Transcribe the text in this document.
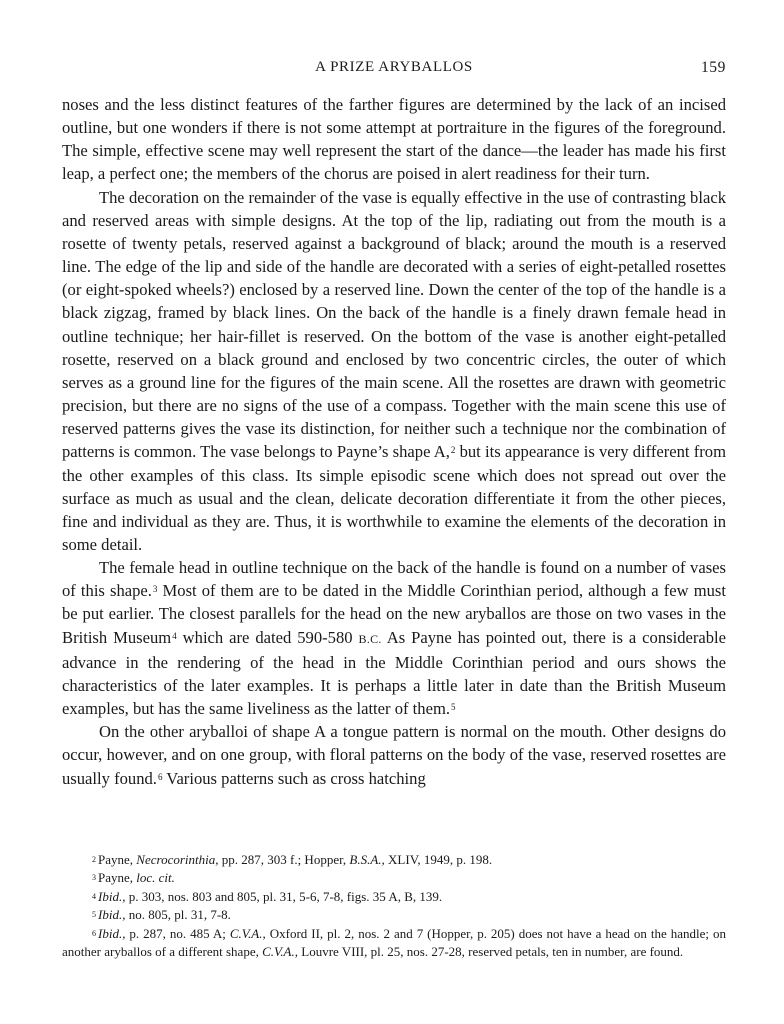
A PRIZE ARYBALLOS	159

noses and the less distinct features of the farther figures are determined by the lack of an incised outline, but one wonders if there is not some attempt at portraiture in the figures of the foreground. The simple, effective scene may well represent the start of the dance—the leader has made his first leap, a perfect one; the members of the chorus are poised in alert readiness for their turn.

The decoration on the remainder of the vase is equally effective in the use of contrasting black and reserved areas with simple designs. At the top of the lip, radiating out from the mouth is a rosette of twenty petals, reserved against a background of black; around the mouth is a reserved line. The edge of the lip and side of the handle are decorated with a series of eight-petalled rosettes (or eight-spoked wheels?) enclosed by a reserved line. Down the center of the top of the handle is a black zigzag, framed by black lines. On the back of the handle is a finely drawn female head in outline technique; her hair-fillet is reserved. On the bottom of the vase is another eight-petalled rosette, reserved on a black ground and enclosed by two concentric circles, the outer of which serves as a ground line for the figures of the main scene. All the rosettes are drawn with geometric precision, but there are no signs of the use of a compass. Together with the main scene this use of reserved patterns gives the vase its distinction, for neither such a technique nor the combination of patterns is common. The vase belongs to Payne’s shape A,$^2$ but its appearance is very different from the other examples of this class. Its simple episodic scene which does not spread out over the surface as much as usual and the clean, delicate decoration differentiate it from the other pieces, fine and individual as they are. Thus, it is worthwhile to examine the elements of the decoration in some detail.

The female head in outline technique on the back of the handle is found on a number of vases of this shape.$^3$ Most of them are to be dated in the Middle Corinthian period, although a few must be put earlier. The closest parallels for the head on the new aryballos are those on two vases in the British Museum$^4$ which are dated 590-580 B.C. As Payne has pointed out, there is a considerable advance in the rendering of the head in the Middle Corinthian period and ours shows the characteristics of the later examples. It is perhaps a little later in date than the British Museum examples, but has the same liveliness as the latter of them.$^5$

On the other aryballoi of shape A a tongue pattern is normal on the mouth. Other designs do occur, however, and on one group, with floral patterns on the body of the vase, reserved rosettes are usually found.$^6$ Various patterns such as cross hatching

$^2$ Payne, Necrocorinthia, pp. 287, 303 f.; Hopper, B.S.A., XLIV, 1949, p. 198.

$^3$ Payne, loc. cit.

$^4$ Ibid., p. 303, nos. 803 and 805, pl. 31, 5-6, 7-8, figs. 35 A, B, 139.

$^5$ Ibid., no. 805, pl. 31, 7-8.

$^6$ Ibid., p. 287, no. 485 A; C.V.A., Oxford II, pl. 2, nos. 2 and 7 (Hopper, p. 205) does not have a head on the handle; on another aryballos of a different shape, C.V.A., Louvre VIII, pl. 25, nos. 27-28, reserved petals, ten in number, are found.
